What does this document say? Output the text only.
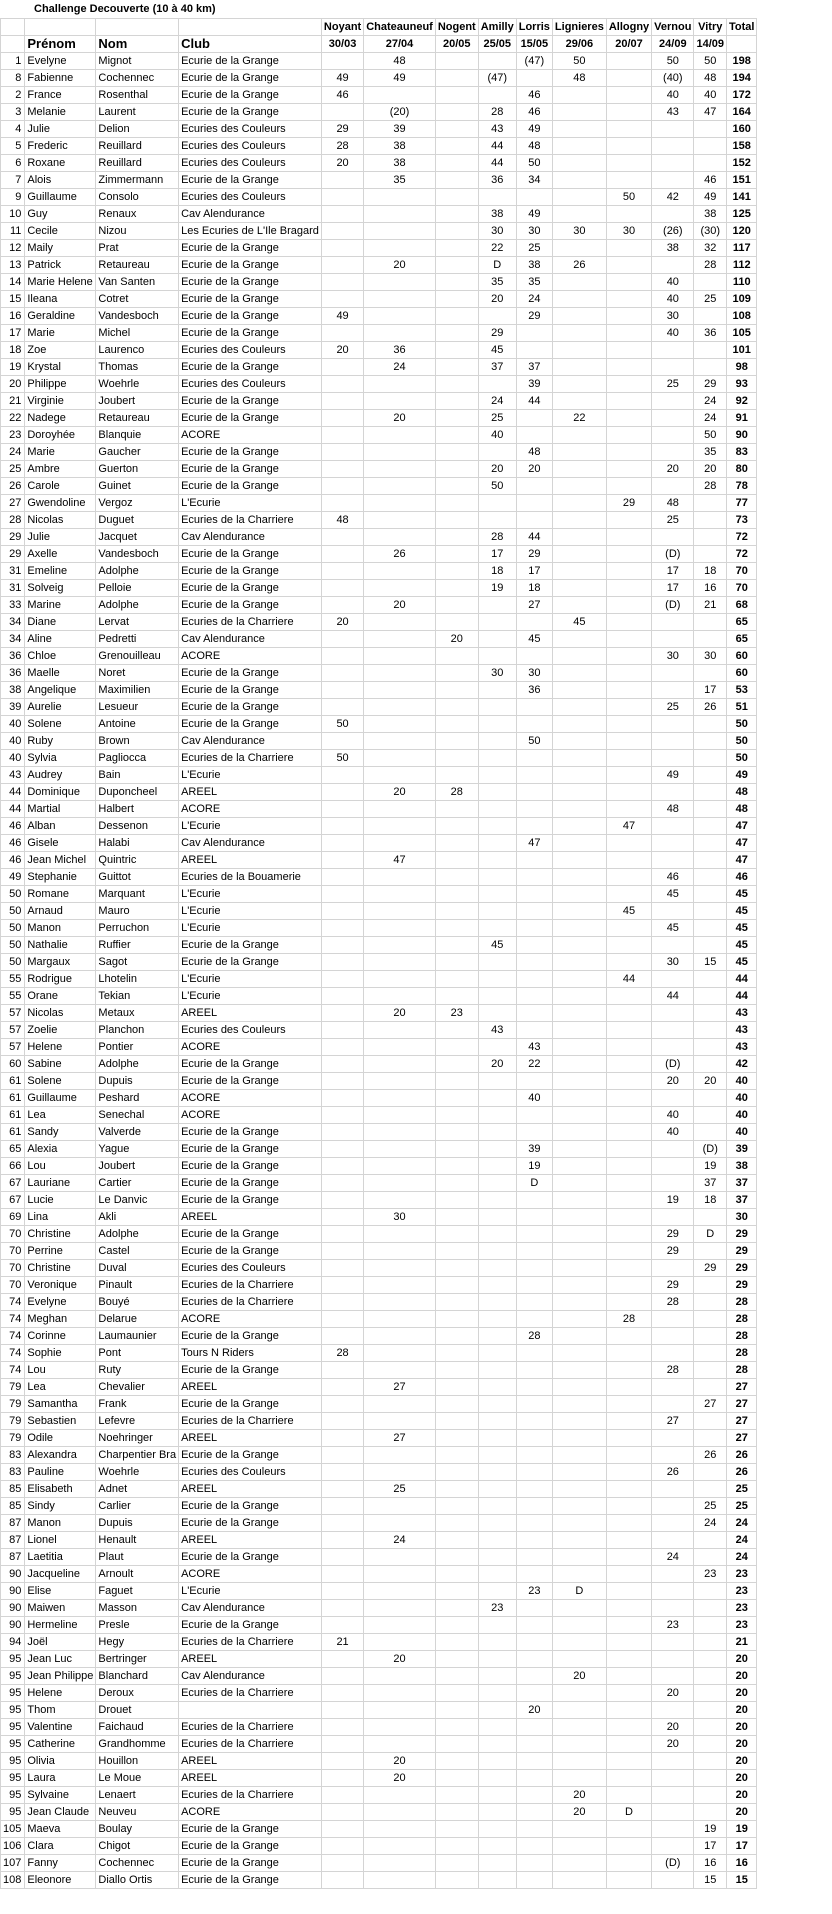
Challenge Decouverte (10 à 40 km)
				Noyant	Chateauneuf	Nogent	Amilly	Lorris	Lignieres	Allogny	Vernou	Vitry	Total
	Prénom	Nom	Club	30/03	27/04	20/05	25/05	15/05	29/06	20/07	24/09	14/09	
1	Evelyne	Mignot	Ecurie de la Grange		48			(47)	50		50	50	198
8	Fabienne	Cochennec	Ecurie de la Grange	49	49		(47)		48		(40)	48	194
2	France	Rosenthal	Ecurie de la Grange	46				46			40	40	172
3	Melanie	Laurent	Ecurie de la Grange		(20)		28	46			43	47	164
4	Julie	Delion	Ecuries des Couleurs	29	39		43	49					160
5	Frederic	Reuillard	Ecuries des Couleurs	28	38		44	48					158
6	Roxane	Reuillard	Ecuries des Couleurs	20	38		44	50					152
7	Alois	Zimmermann	Ecurie de la Grange		35		36	34				46	151
9	Guillaume	Consolo	Ecuries des Couleurs							50	42	49	141
10	Guy	Renaux	Cav Alendurance				38	49				38	125
11	Cecile	Nizou	Les Ecuries de L'Ile Bragard				30	30	30	30	(26)	(30)	120
12	Maily	Prat	Ecurie de la Grange				22	25			38	32	117
13	Patrick	Retaureau	Ecurie de la Grange		20		D	38	26			28	112
14	Marie Helene	Van Santen	Ecurie de la Grange				35	35			40		110
15	Ileana	Cotret	Ecurie de la Grange				20	24			40	25	109
16	Geraldine	Vandesboch	Ecurie de la Grange	49				29			30		108
17	Marie	Michel	Ecurie de la Grange				29				40	36	105
18	Zoe	Laurenco	Ecuries des Couleurs	20	36		45						101
19	Krystal	Thomas	Ecurie de la Grange		24		37	37					98
20	Philippe	Woehrle	Ecuries des Couleurs					39			25	29	93
21	Virginie	Joubert	Ecurie de la Grange				24	44				24	92
22	Nadege	Retaureau	Ecurie de la Grange		20		25		22			24	91
23	Doroyhée	Blanquie	ACORE				40					50	90
24	Marie	Gaucher	Ecurie de la Grange					48				35	83
25	Ambre	Guerton	Ecurie de la Grange				20	20			20	20	80
26	Carole	Guinet	Ecurie de la Grange				50					28	78
27	Gwendoline	Vergoz	L'Ecurie							29	48		77
28	Nicolas	Duguet	Ecuries de la Charriere	48							25		73
29	Julie	Jacquet	Cav Alendurance				28	44					72
29	Axelle	Vandesboch	Ecurie de la Grange		26		17	29			(D)		72
31	Emeline	Adolphe	Ecurie de la Grange				18	17			17	18	70
31	Solveig	Pelloie	Ecurie de la Grange				19	18			17	16	70
33	Marine	Adolphe	Ecurie de la Grange		20			27			(D)	21	68
34	Diane	Lervat	Ecuries de la Charriere	20					45				65
34	Aline	Pedretti	Cav Alendurance			20		45					65
36	Chloe	Grenouilleau	ACORE								30	30	60
36	Maelle	Noret	Ecurie de la Grange				30	30					60
38	Angelique	Maximilien	Ecurie de la Grange					36				17	53
39	Aurelie	Lesueur	Ecurie de la Grange								25	26	51
40	Solene	Antoine	Ecurie de la Grange	50									50
40	Ruby	Brown	Cav Alendurance					50					50
40	Sylvia	Pagliocca	Ecuries de la Charriere	50									50
43	Audrey	Bain	L'Ecurie								49		49
44	Dominique	Duponcheel	AREEL		20	28							48
44	Martial	Halbert	ACORE								48		48
46	Alban	Dessenon	L'Ecurie							47			47
46	Gisele	Halabi	Cav Alendurance					47					47
46	Jean Michel	Quintric	AREEL		47								47
49	Stephanie	Guittot	Ecuries de la Bouamerie								46		46
50	Romane	Marquant	L'Ecurie								45		45
50	Arnaud	Mauro	L'Ecurie							45			45
50	Manon	Perruchon	L'Ecurie								45		45
50	Nathalie	Ruffier	Ecurie de la Grange				45						45
50	Margaux	Sagot	Ecurie de la Grange								30	15	45
55	Rodrigue	Lhotelin	L'Ecurie							44			44
55	Orane	Tekian	L'Ecurie								44		44
57	Nicolas	Metaux	AREEL		20	23							43
57	Zoelie	Planchon	Ecuries des Couleurs				43						43
57	Helene	Pontier	ACORE					43					43
60	Sabine	Adolphe	Ecurie de la Grange				20	22			(D)		42
61	Solene	Dupuis	Ecurie de la Grange								20	20	40
61	Guillaume	Peshard	ACORE					40					40
61	Lea	Senechal	ACORE								40		40
61	Sandy	Valverde	Ecurie de la Grange								40		40
65	Alexia	Yague	Ecurie de la Grange					39				(D)	39
66	Lou	Joubert	Ecurie de la Grange					19				19	38
67	Lauriane	Cartier	Ecurie de la Grange					D				37	37
67	Lucie	Le Danvic	Ecurie de la Grange								19	18	37
69	Lina	Akli	AREEL		30								30
70	Christine	Adolphe	Ecurie de la Grange								29	D	29
70	Perrine	Castel	Ecurie de la Grange								29		29
70	Christine	Duval	Ecuries des Couleurs									29	29
70	Veronique	Pinault	Ecuries de la Charriere								29		29
74	Evelyne	Bouyé	Ecuries de la Charriere								28		28
74	Meghan	Delarue	ACORE							28			28
74	Corinne	Laumaunier	Ecurie de la Grange					28					28
74	Sophie	Pont	Tours N Riders	28									28
74	Lou	Ruty	Ecurie de la Grange								28		28
79	Lea	Chevalier	AREEL		27								27
79	Samantha	Frank	Ecurie de la Grange									27	27
79	Sebastien	Lefevre	Ecuries de la Charriere								27		27
79	Odile	Noehringer	AREEL		27								27
83	Alexandra	Charpentier Bra	Ecurie de la Grange									26	26
83	Pauline	Woehrle	Ecuries des Couleurs								26		26
85	Elisabeth	Adnet	AREEL		25								25
85	Sindy	Carlier	Ecurie de la Grange									25	25
87	Manon	Dupuis	Ecurie de la Grange									24	24
87	Lionel	Henault	AREEL		24								24
87	Laetitia	Plaut	Ecurie de la Grange								24		24
90	Jacqueline	Arnoult	ACORE									23	23
90	Elise	Faguet	L'Ecurie					23	D				23
90	Maiwen	Masson	Cav Alendurance				23						23
90	Hermeline	Presle	Ecurie de la Grange								23		23
94	Joël	Hegy	Ecuries de la Charriere	21									21
95	Jean Luc	Bertringer	AREEL		20								20
95	Jean Philippe	Blanchard	Cav Alendurance						20				20
95	Helene	Deroux	Ecuries de la Charriere								20		20
95	Thom	Drouet						20					20
95	Valentine	Faichaud	Ecuries de la Charriere								20		20
95	Catherine	Grandhomme	Ecuries de la Charriere								20		20
95	Olivia	Houillon	AREEL		20								20
95	Laura	Le Moue	AREEL		20								20
95	Sylvaine	Lenaert	Ecuries de la Charriere						20				20
95	Jean Claude	Neuveu	ACORE						20	D			20
105	Maeva	Boulay	Ecurie de la Grange									19	19
106	Clara	Chigot	Ecurie de la Grange									17	17
107	Fanny	Cochennec	Ecurie de la Grange								(D)	16	16
108	Eleonore	Diallo Ortis	Ecurie de la Grange									15	15
